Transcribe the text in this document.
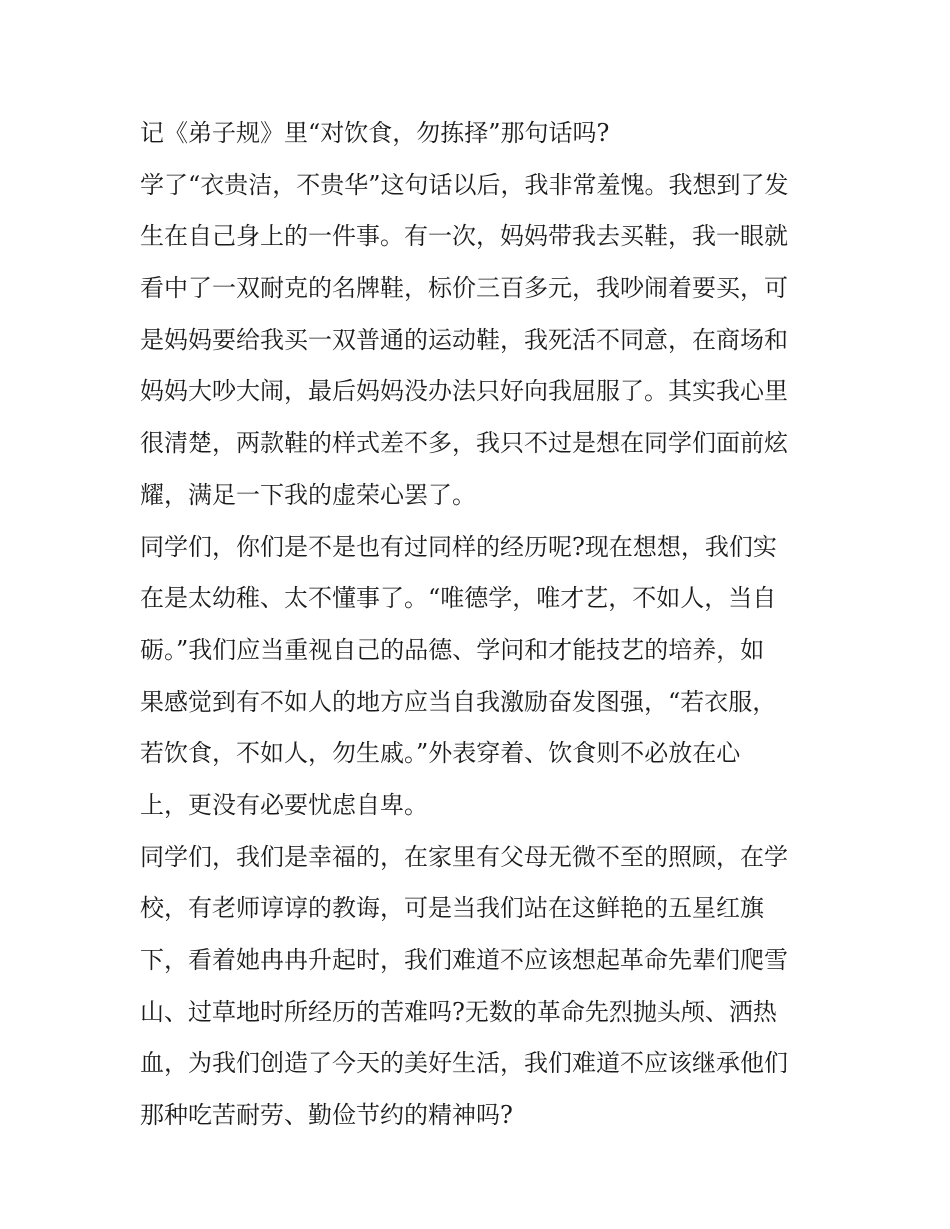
记《弟子规》里“对饮食，勿拣择”那句话吗?
学了“衣贵洁，不贵华”这句话以后，我非常羞愧。我想到了发
生在自己身上的一件事。有一次，妈妈带我去买鞋，我一眼就
看中了一双耐克的名牌鞋，标价三百多元，我吵闹着要买，可
是妈妈要给我买一双普通的运动鞋，我死活不同意，在商场和
妈妈大吵大闹，最后妈妈没办法只好向我屈服了。其实我心里
很清楚，两款鞋的样式差不多，我只不过是想在同学们面前炫
耀，满足一下我的虚荣心罢了。
同学们，你们是不是也有过同样的经历呢?现在想想，我们实
在是太幼稚、太不懂事了。“唯德学，唯才艺，不如人，当自
砺。”我们应当重视自己的品德、学问和才能技艺的培养，如
果感觉到有不如人的地方应当自我激励奋发图强，“若衣服，
若饮食，不如人，勿生戚。”外表穿着、饮食则不必放在心
上，更没有必要忧虑自卑。
同学们，我们是幸福的，在家里有父母无微不至的照顾，在学
校，有老师谆谆的教诲，可是当我们站在这鲜艳的五星红旗
下，看着她冉冉升起时，我们难道不应该想起革命先辈们爬雪
山、过草地时所经历的苦难吗?无数的革命先烈抛头颅、洒热
血，为我们创造了今天的美好生活，我们难道不应该继承他们
那种吃苦耐劳、勤俭节约的精神吗?
